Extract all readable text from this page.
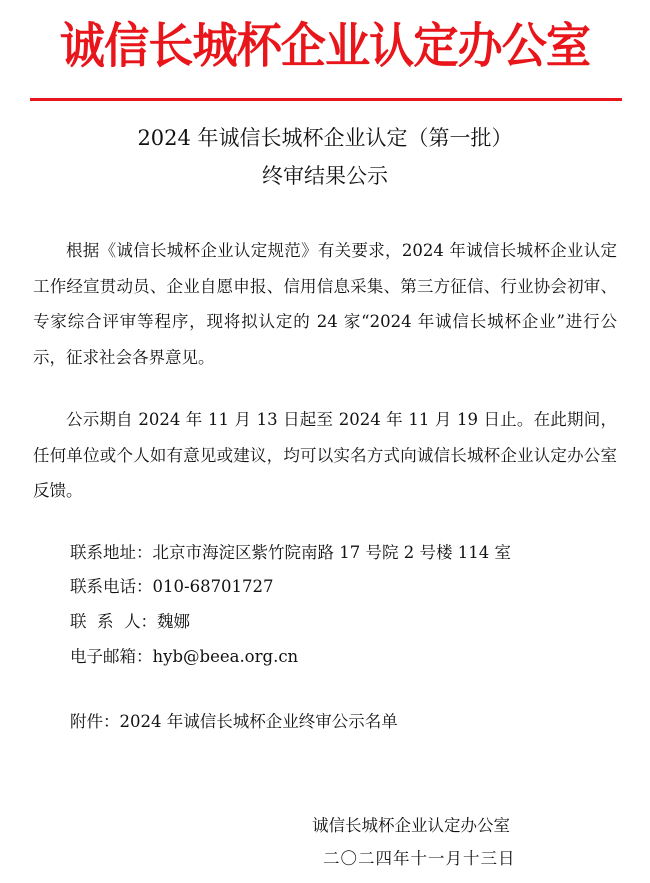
诚信长城杯企业认定办公室
2024 年诚信长城杯企业认定（第一批）
终审结果公示

根据《诚信长城杯企业认定规范》有关要求，2024 年诚信长城杯企业认定工作经宣贯动员、企业自愿申报、信用信息采集、第三方征信、行业协会初审、专家综合评审等程序，现将拟认定的 24 家“2024 年诚信长城杯企业”进行公示，征求社会各界意见。

公示期自 2024 年 11 月 13 日起至 2024 年 11 月 19 日止。在此期间，任何单位或个人如有意见或建议，均可以实名方式向诚信长城杯企业认定办公室反馈。

联系地址：北京市海淀区紫竹院南路 17 号院 2 号楼 114 室
联系电话：010-68701727
联  系  人：魏娜
电子邮箱：hyb@beea.org.cn
附件：2024 年诚信长城杯企业终审公示名单
诚信长城杯企业认定办公室
二〇二四年十一月十三日
